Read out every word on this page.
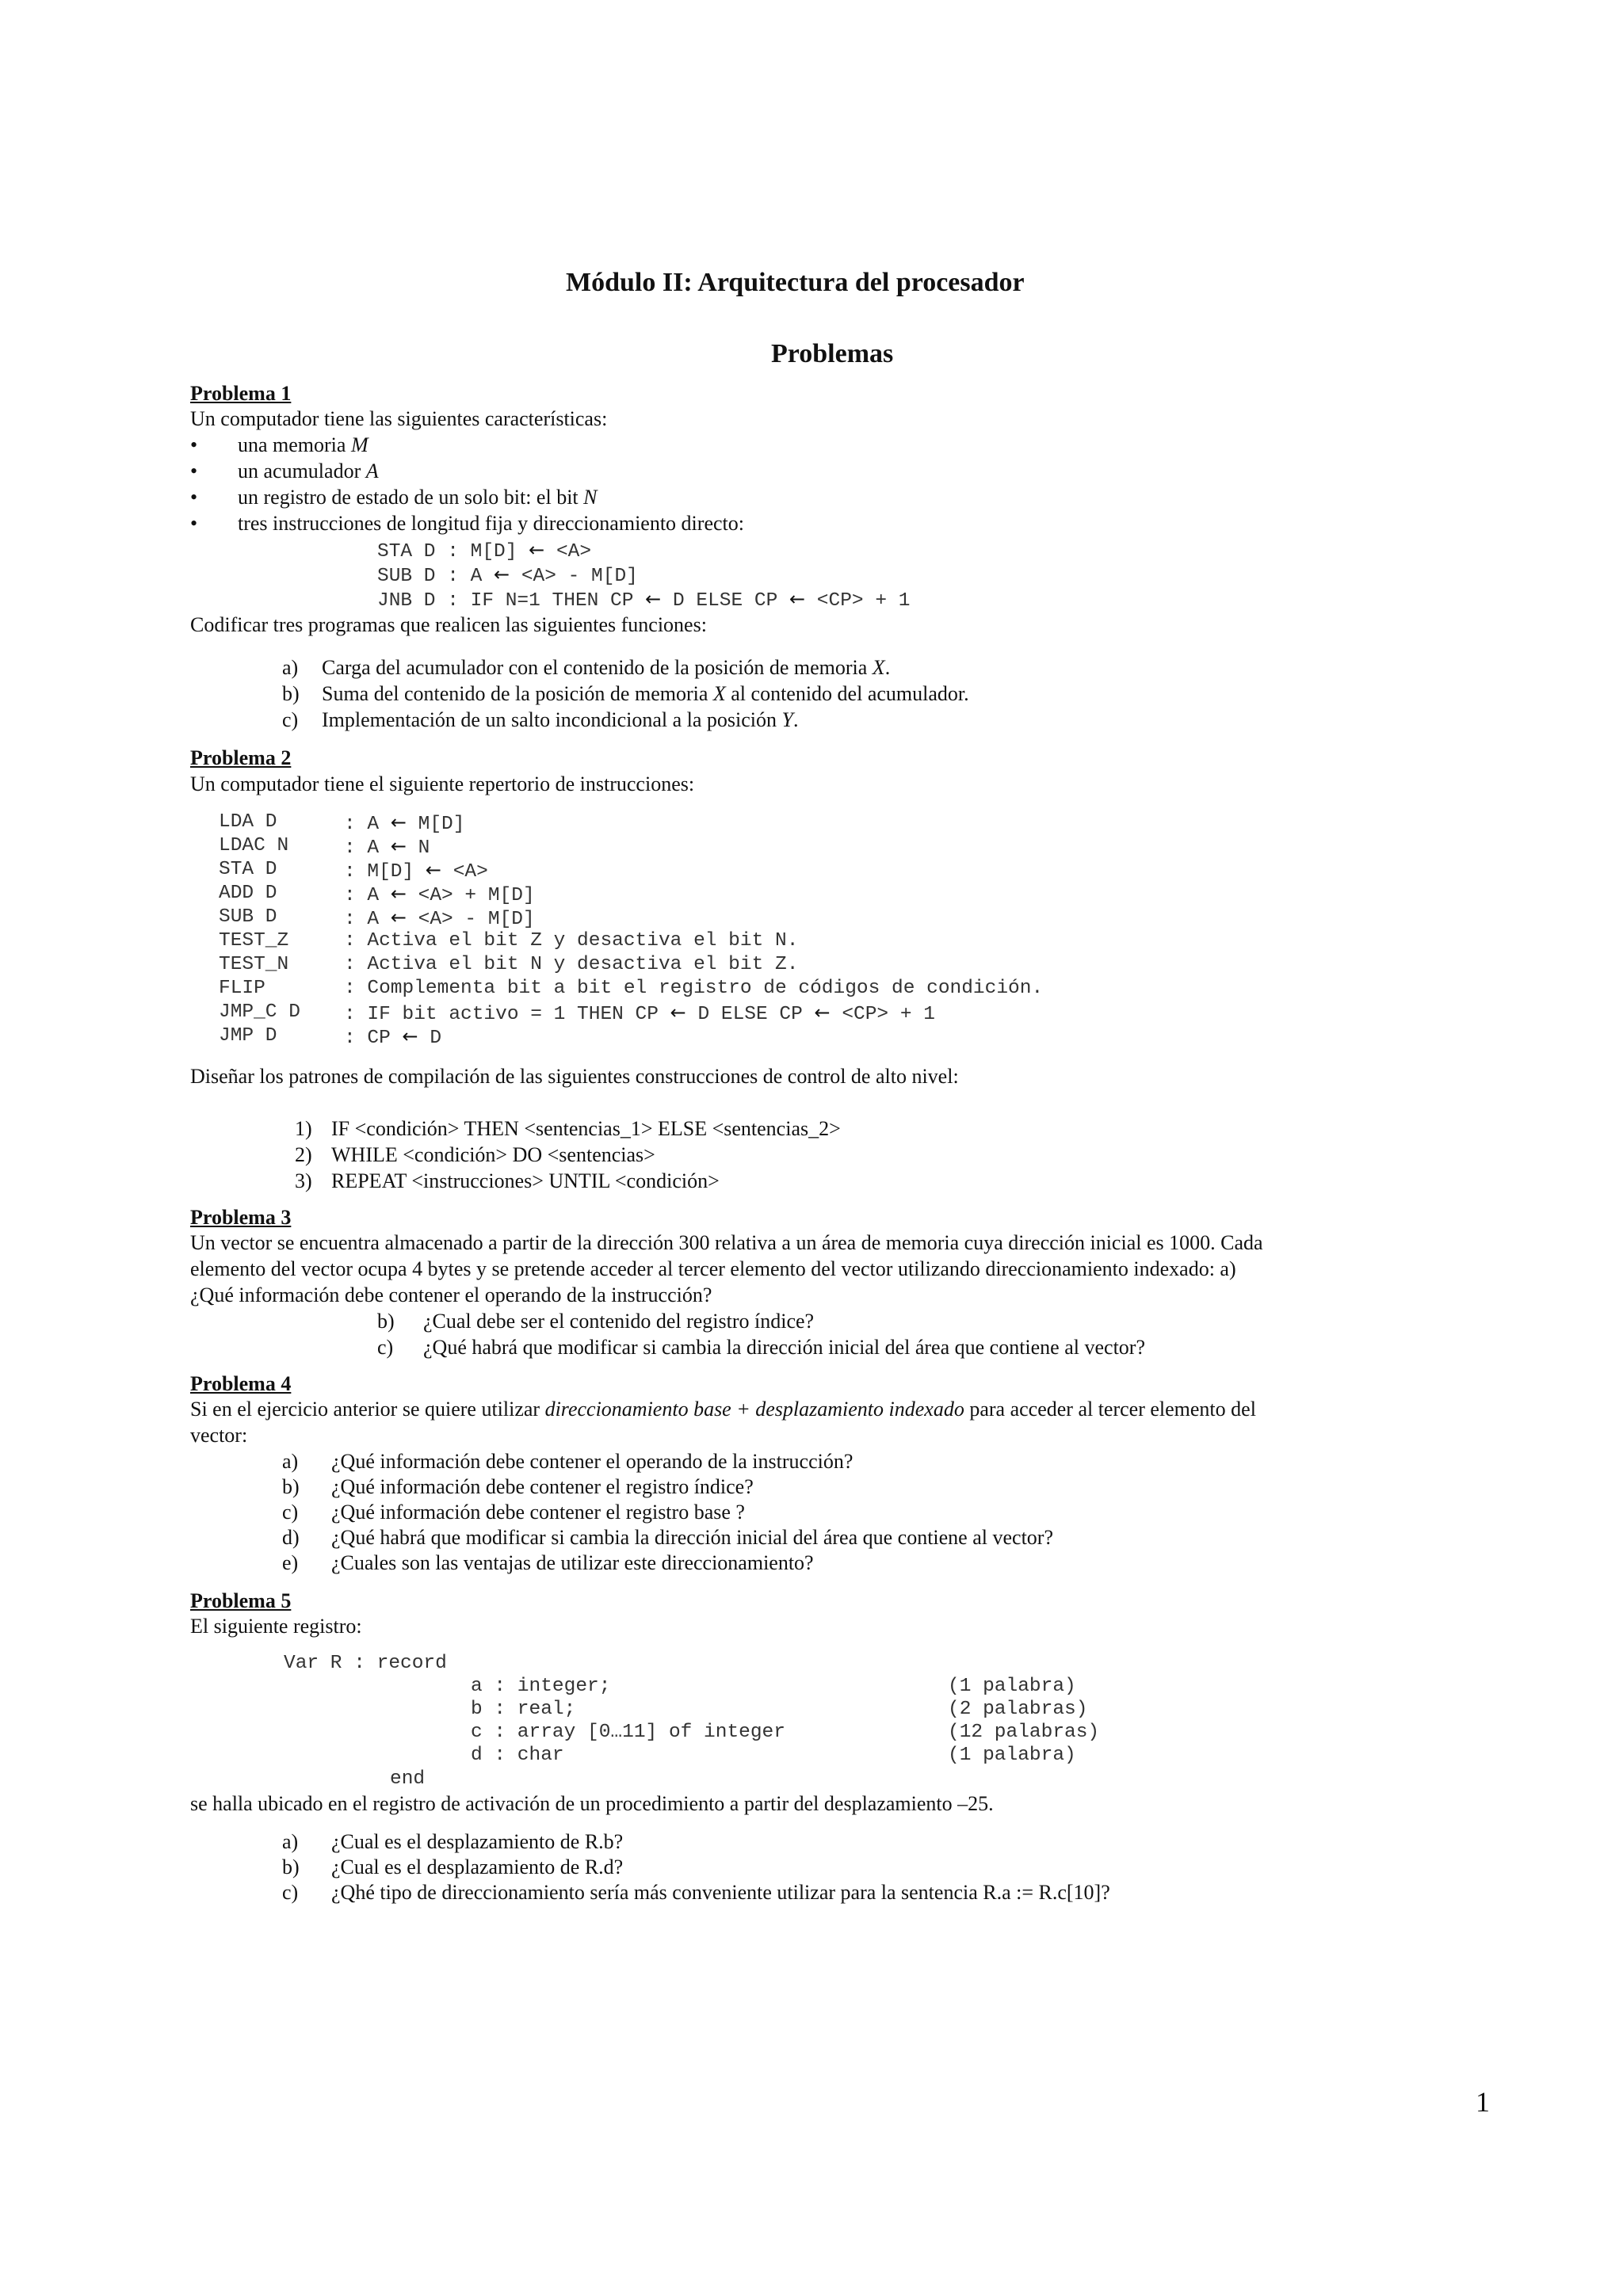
Módulo II: Arquitectura del procesador
Problemas
Problema 1
Un computador tiene las siguientes características:
• una memoria M
• un acumulador A
• un registro de estado de un solo bit: el bit N
• tres instrucciones de longitud fija y direccionamiento directo:
STA D : M[D] ← <A>
SUB D : A ← <A> - M[D]
JNB D : IF N=1 THEN CP ← D ELSE CP ← <CP> + 1
Codificar tres programas que realicen las siguientes funciones:
a) Carga del acumulador con el contenido de la posición de memoria X.
b) Suma del contenido de la posición de memoria X al contenido del acumulador.
c) Implementación de un salto incondicional a la posición Y.
Problema 2
Un computador tiene el siguiente repertorio de instrucciones:
LDA D	: A ← M[D]
LDAC N	: A ← N
STA D	: M[D] ← <A>
ADD D	: A ← <A> + M[D]
SUB D	: A ← <A> - M[D]
TEST_Z	: Activa el bit Z y desactiva el bit N.
TEST_N	: Activa el bit N y desactiva el bit Z.
FLIP	: Complementa bit a bit el registro de códigos de condición.
JMP_C D : IF bit activo = 1 THEN CP ← D ELSE CP ← <CP> + 1
JMP D	: CP ← D
Diseñar los patrones de compilación de las siguientes construcciones de control de alto nivel:
1) IF <condición> THEN <sentencias_1> ELSE <sentencias_2>
2) WHILE <condición> DO <sentencias>
3) REPEAT <instrucciones> UNTIL <condición>
Problema 3
Un vector se encuentra almacenado a partir de la dirección 300 relativa a un área de memoria cuya dirección inicial es 1000. Cada
elemento del vector ocupa 4 bytes y se pretende acceder al tercer elemento del vector utilizando direccionamiento indexado: a)
¿Qué información debe contener el operando de la instrucción?
b) ¿Cual debe ser el contenido del registro índice?
c) ¿Qué habrá que modificar si cambia la dirección inicial del área que contiene al vector?
Problema 4
Si en el ejercicio anterior se quiere utilizar direccionamiento base + desplazamiento indexado para acceder al tercer elemento del
vector:
a) ¿Qué información debe contener el operando de la instrucción?
b) ¿Qué información debe contener el registro índice?
c) ¿Qué información debe contener el registro base ?
d) ¿Qué habrá que modificar si cambia la dirección inicial del área que contiene al vector?
e) ¿Cuales son las ventajas de utilizar este direccionamiento?
Problema 5
El siguiente registro:
Var R : record
a : integer;	(1 palabra)
b : real;	(2 palabras)
c : array [0…11] of integer	(12 palabras)
d : char	(1 palabra)
end
se halla ubicado en el registro de activación de un procedimiento a partir del desplazamiento –25.
a) ¿Cual es el desplazamiento de R.b?
b) ¿Cual es el desplazamiento de R.d?
c) ¿Qhé tipo de direccionamiento sería más conveniente utilizar para la sentencia R.a := R.c[10]?
1
